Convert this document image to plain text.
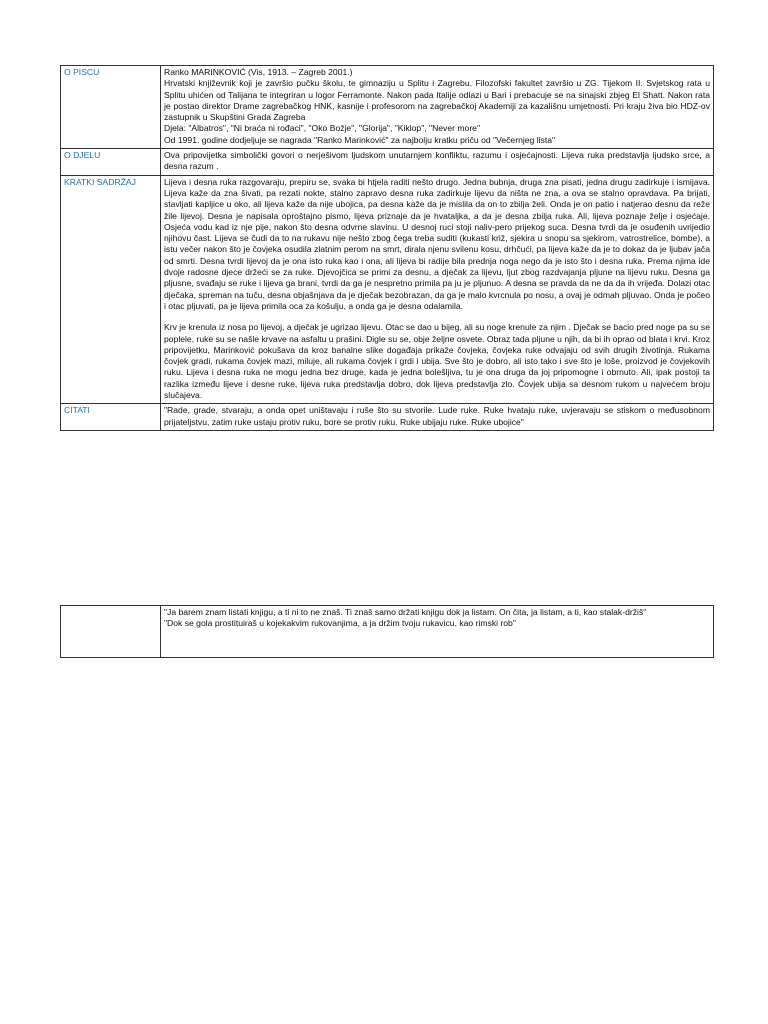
O PISCU	Ranko MARINKOVIĆ (Vis, 1913. – Zagreb 2001.)
Hrvatski književnik koji je završio pučku školu, te gimnaziju u Splitu i Zagrebu. Filozofski fakultet završio u ZG. Tijekom II. Svjetskog rata u Splitu uhićen od Talijana te integriran u logor Ferramonte. Nakon pada Italije odlazi u Bari i prebacuje se na sinajski zbjeg El Shatt. Nakon rata je postao direktor Drame zagrebačkog HNK, kasnije i profesorom na zagrebačkoj Akademiji za kazališnu umjetnosti. Pri kraju živa bio HDZ-ov zastupnik u Skupštini Grada Zagreba
Djela: "Albatros", "Ni braća ni rođaci", "Oko Božje", "Glorija", "Kiklop", "Never more"
Od 1991. godine dodjeljuje se nagrada "Ranko Marinković" za najbolju kratku priču od "Večernjeg lista"

O DJELU	Ova pripovijetka simbolički govori o nerješivom ljudskom unutarnjem konfliktu, razumu i osjećajnosti. Lijeva ruka predstavlja ljudsko srce, a desna razum .

KRATKI SADRŽAJ	Lijeva i desna ruka razgovaraju, prepiru se, svaka bi htjela raditi nešto drugo. Jedna bubnja, druga zna pisati, jedna drugu zadirkuje i ismijava. Lijeva kaže da zna šivati, pa rezati nokte, stalno zapravo desna ruka zadirkuje lijevu da ništa ne zna, a ova se stalno opravdava. Pa brijati, stavljati kapljice u oko, ali lijeva kaže da nije ubojica, pa desna kaže da je mislila da on to zbilja želi. Onda je on patio i natjerao desnu da reže žile lijevoj. Desna je napisala oproštajno pismo, lijeva priznaje da je hvataljka, a da je desna zbilja ruka. Ali, lijeva poznaje želje i osjećaje. Osjeća vodu kad iz nje pije, nakon što desna odvrne slavinu. U desnoj ruci stoji naliv-pero prijekog suca. Desna tvrdi da je osuđenih uvrijedio njihovu čast. Lijeva se čudi da to na rukavu nije nešto zbog čega treba suditi (kukasti križ, sjekira u snopu sa sjekirom, vatrostrelice, bombe), a istu večer nakon što je čovjeka osudila zlatnim perom na smrt, dirala njenu svilenu kosu, drhčući, pa lijeva kaže da je to dokaz da je ljubav jača od smrti. Desna tvrdi lijevoj da je ona isto ruka kao i ona, ali lijeva bi radije bila prednja noga nego da je isto što i desna ruka. Prema njima ide dvoje radosne djece držeći se za ruke. Djevojčica se primi za desnu, a dječak za lijevu, ljut zbog razdvajanja pljune na lijevu ruku. Desna ga pljusne, svađaju se ruke i lijeva ga brani, tvrdi da ga je nespretno primila pa ju je pljunuo. A desna se pravda da ne da da ih vrijeđa. Dolazi otac dječaka, spreman na tuču, desna objašnjava da je dječak bezobrazan, da ga je malo kvrcnula po nosu, a ovaj je odmah pljuvao. Onda je počeo i otac pljuvati, pa je lijeva primila oca za košulju, a onda ga je desna odalamila.
Krv je krenula iz nosa po lijevoj, a dječak je ugrizao lijevu. Otac se dao u bijeg, ali su noge krenule za njim . Dječak se bacio pred noge pa su se poplele, ruke su se našle krvave na asfaltu u prašini. Digle su se, obje željne osvete. Obraz tada pljune u njih, da bi ih oprao od blata i krvi. Kroz pripovijetku, Marinković pokušava da kroz banalne slike događaja prikaže čovjeka, čovjeka ruke odvajaju od svih drugih životinja. Rukama čovjek gradi, rukama čovjek mazi, miluje, ali rukama čovjek i grdi i ubija. Sve što je dobro, ali isto tako i sve što je loše, proizvod je čovjekovih ruku. Lijeva i desna ruka ne mogu jedna bez druge, kada je jedna bolešljiva, tu je ona druga da joj pripomogne i obrnuto. Ali, ipak postoji ta razlika između lijeve i desne ruke, lijeva ruka predstavlja dobro, dok lijeva predstavlja zlo. Čovjek ubija sa desnom rukom u najvećem broju slučajeva.

CITATI	"Rade, grade, stvaraju, a onda opet uništavaju i ruše što su stvorile. Lude ruke. Ruke hvataju ruke, uvjeravaju se stiskom o međusobnom prijateljstvu, zatim ruke ustaju protiv ruku, bore se protiv ruku. Ruke ubijaju ruke. Ruke ubojice"

"Ja barem znam listati knjigu, a ti ni to ne znaš. Ti znaš samo držati knjigu dok ja listam. On čita, ja listam, a ti, kao stalak-držiš"
"Dok se gola prostituiraš u kojekakvim rukovanjima, a ja držim tvoju rukavicu, kao rimski rob"
